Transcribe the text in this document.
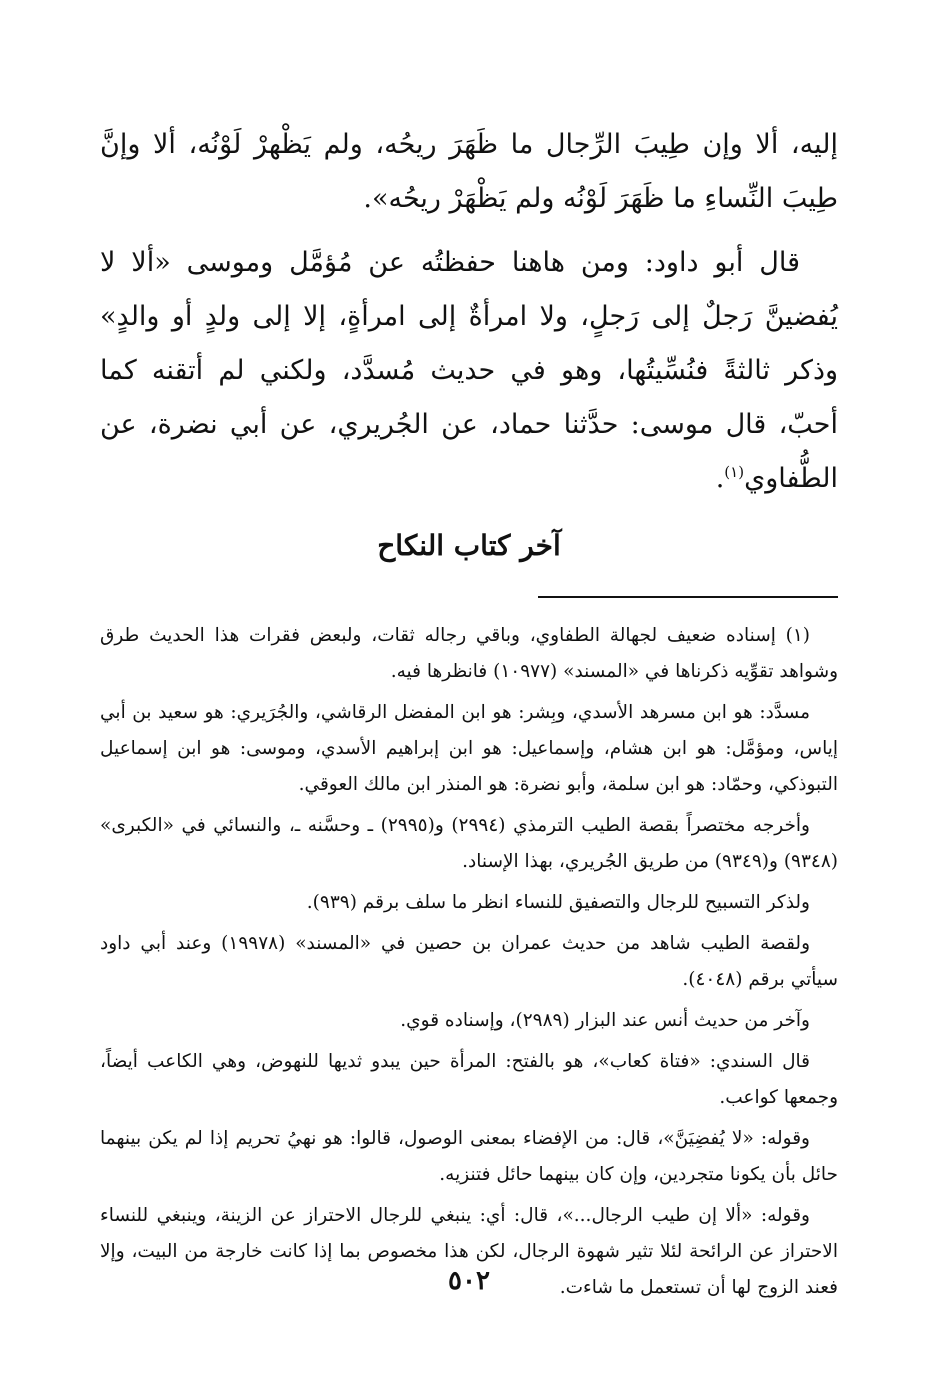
إليه، ألا وإن طِيبَ الرِّجال ما ظَهَرَ ريحُه، ولم يَظْهرْ لَوْنُه، ألا وإنَّ طِيبَ النِّساءِ ما ظَهَرَ لَوْنُه ولم يَظْهَرْ ريحُه».

قال أبو داود: ومن هاهنا حفظتُه عن مُؤمَّل وموسى «ألا لا يُفضينَّ رَجلٌ إلى رَجلٍ، ولا امرأةٌ إلى امرأةٍ، إلا إلى ولدٍ أو والدٍ» وذكر ثالثةً فنُسِّيتُها، وهو في حديث مُسدَّد، ولكني لم أتقنه كما أحبّ، قال موسى: حدَّثنا حماد، عن الجُريري، عن أبي نضرة، عن الطُّفاوي$^{(١)}$.

آخر كتاب النكاح

(١) إسناده ضعيف لجهالة الطفاوي، وباقي رجاله ثقات، ولبعض فقرات هذا الحديث طرق وشواهد تقوِّيه ذكرناها في «المسند» (١٠٩٧٧) فانظرها فيه.

مسدَّد: هو ابن مسرهد الأسدي، وبِشر: هو ابن المفضل الرقاشي، والجُرَيري: هو سعيد بن أبي إياس، ومؤمَّل: هو ابن هشام، وإسماعيل: هو ابن إبراهيم الأسدي، وموسى: هو ابن إسماعيل التبوذكي، وحمّاد: هو ابن سلمة، وأبو نضرة: هو المنذر ابن مالك العوقي.

وأخرجه مختصراً بقصة الطيب الترمذي (٢٩٩٤) و(٢٩٩٥) ـ وحسَّنه ـ، والنسائي في «الكبرى» (٩٣٤٨) و(٩٣٤٩) من طريق الجُريري، بهذا الإسناد.

ولذكر التسبيح للرجال والتصفيق للنساء انظر ما سلف برقم (٩٣٩).

ولقصة الطيب شاهد من حديث عمران بن حصين في «المسند» (١٩٩٧٨) وعند أبي داود سيأتي برقم (٤٠٤٨).

وآخر من حديث أنس عند البزار (٢٩٨٩)، وإسناده قوي.

قال السندي: «فتاة كعاب»، هو بالفتح: المرأة حين يبدو ثديها للنهوض، وهي الكاعب أيضاً، وجمعها كواعب.

وقوله: «لا يُفضِيَنَّ»، قال: من الإفضاء بمعنى الوصول، قالوا: هو نهيُ تحريم إذا لم يكن بينهما حائل بأن يكونا متجردين، وإن كان بينهما حائل فتنزيه.

وقوله: «ألا إن طيب الرجال...»، قال: أي: ينبغي للرجال الاحتراز عن الزينة، وينبغي للنساء الاحتراز عن الرائحة لئلا تثير شهوة الرجال، لكن هذا مخصوص بما إذا كانت خارجة من البيت، وإلا فعند الزوج لها أن تستعمل ما شاءت.

٥٠٢
